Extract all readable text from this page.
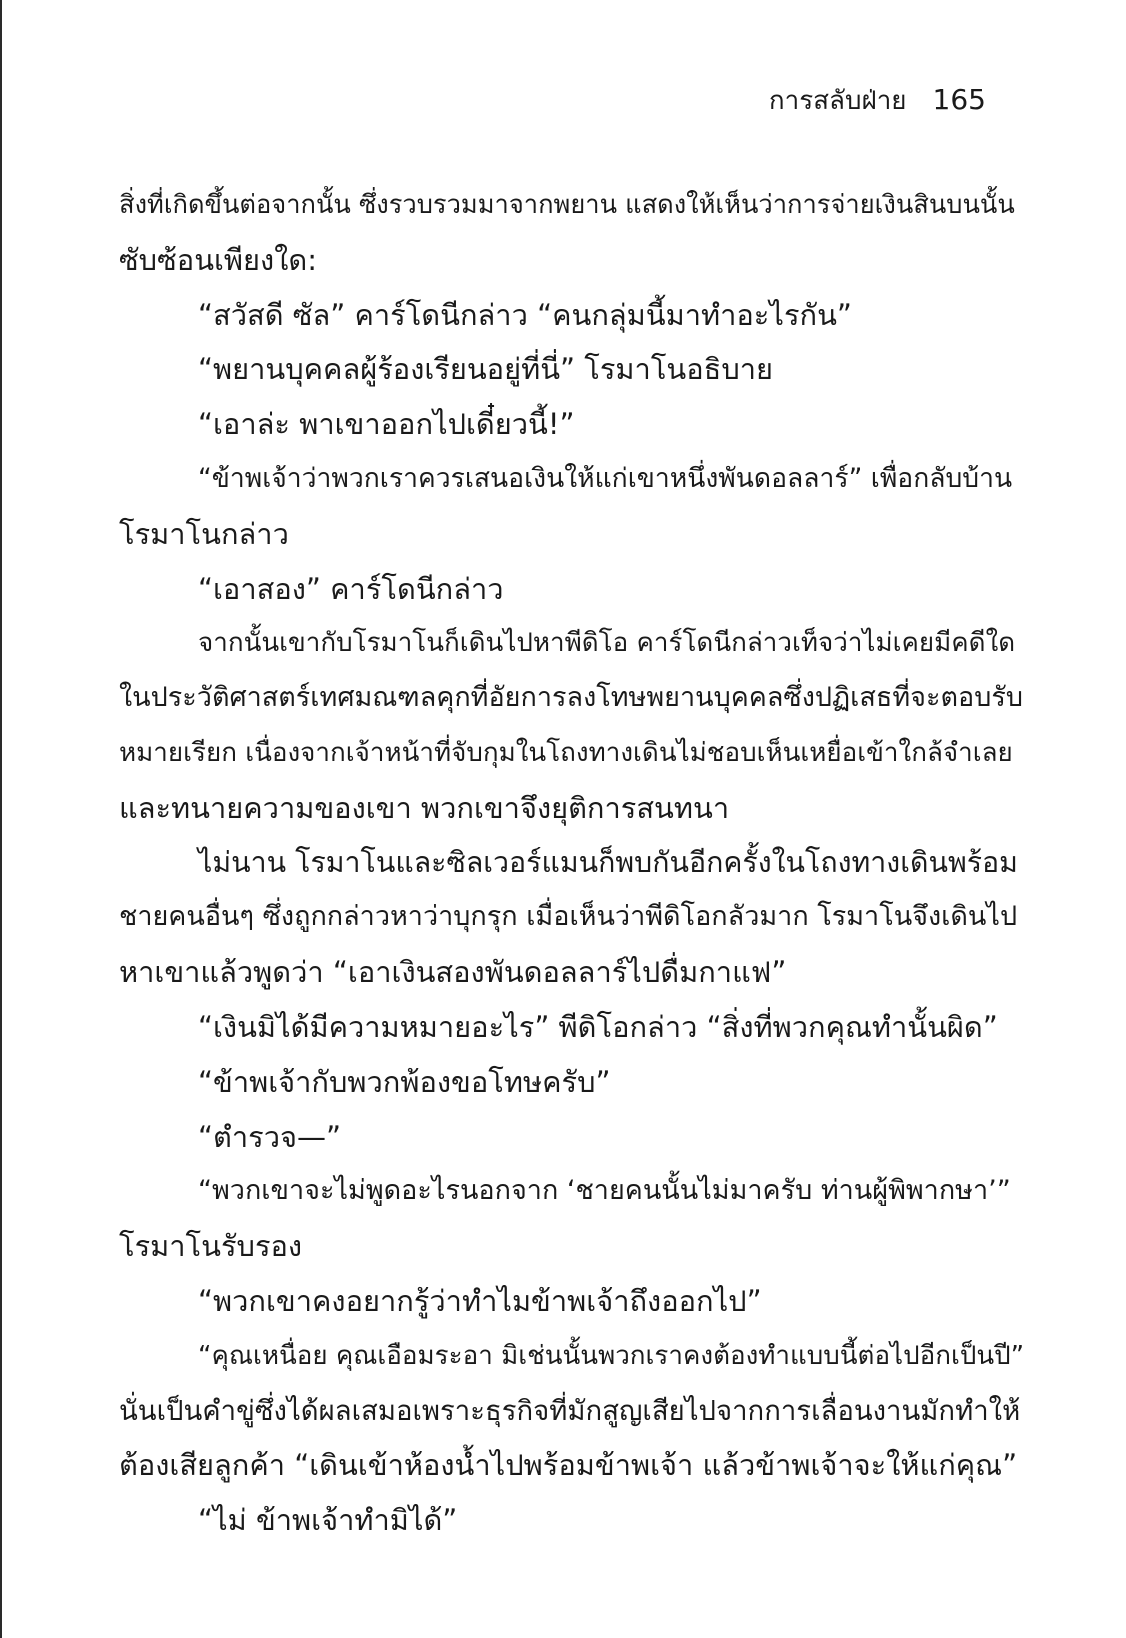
การสลับฝ่าย 165

สิ่งที่เกิดขึ้นต่อจากนั้น ซึ่งรวบรวมมาจากพยาน แสดงให้เห็นว่าการจ่ายเงินสินบนนั้น

ซับซ้อนเพียงใด:

“สวัสดี ซัล” คาร์โดนีกล่าว “คนกลุ่มนี้มาทำอะไรกัน”

“พยานบุคคลผู้ร้องเรียนอยู่ที่นี่” โรมาโนอธิบาย

“เอาล่ะ พาเขาออกไปเดี๋ยวนี้!”

“ข้าพเจ้าว่าพวกเราควรเสนอเงินให้แก่เขาหนึ่งพันดอลลาร์” เพื่อกลับบ้าน

โรมาโนกล่าว

“เอาสอง” คาร์โดนีกล่าว

จากนั้นเขากับโรมาโนก็เดินไปหาพีดิโอ คาร์โดนีกล่าวเท็จว่าไม่เคยมีคดีใด

ในประวัติศาสตร์เทศมณฑลคุกที่อัยการลงโทษพยานบุคคลซึ่งปฏิเสธที่จะตอบรับ

หมายเรียก เนื่องจากเจ้าหน้าที่จับกุมในโถงทางเดินไม่ชอบเห็นเหยื่อเข้าใกล้จำเลย

และทนายความของเขา พวกเขาจึงยุติการสนทนา

ไม่นาน โรมาโนและซิลเวอร์แมนก็พบกันอีกครั้งในโถงทางเดินพร้อม

ชายคนอื่นๆ ซึ่งถูกกล่าวหาว่าบุกรุก เมื่อเห็นว่าพีดิโอกลัวมาก โรมาโนจึงเดินไป

หาเขาแล้วพูดว่า “เอาเงินสองพันดอลลาร์ไปดื่มกาแฟ”

“เงินมิได้มีความหมายอะไร” พีดิโอกล่าว “สิ่งที่พวกคุณทำนั้นผิด”

“ข้าพเจ้ากับพวกพ้องขอโทษครับ”

“ตำรวจ—”

“พวกเขาจะไม่พูดอะไรนอกจาก ‘ชายคนนั้นไม่มาครับ ท่านผู้พิพากษา’”

โรมาโนรับรอง

“พวกเขาคงอยากรู้ว่าทำไมข้าพเจ้าถึงออกไป”

“คุณเหนื่อย คุณเอือมระอา มิเช่นนั้นพวกเราคงต้องทำแบบนี้ต่อไปอีกเป็นปี”

นั่นเป็นคำขู่ซึ่งได้ผลเสมอเพราะธุรกิจที่มักสูญเสียไปจากการเลื่อนงานมักทำให้

ต้องเสียลูกค้า “เดินเข้าห้องน้ำไปพร้อมข้าพเจ้า แล้วข้าพเจ้าจะให้แก่คุณ”

“ไม่ ข้าพเจ้าทำมิได้”
